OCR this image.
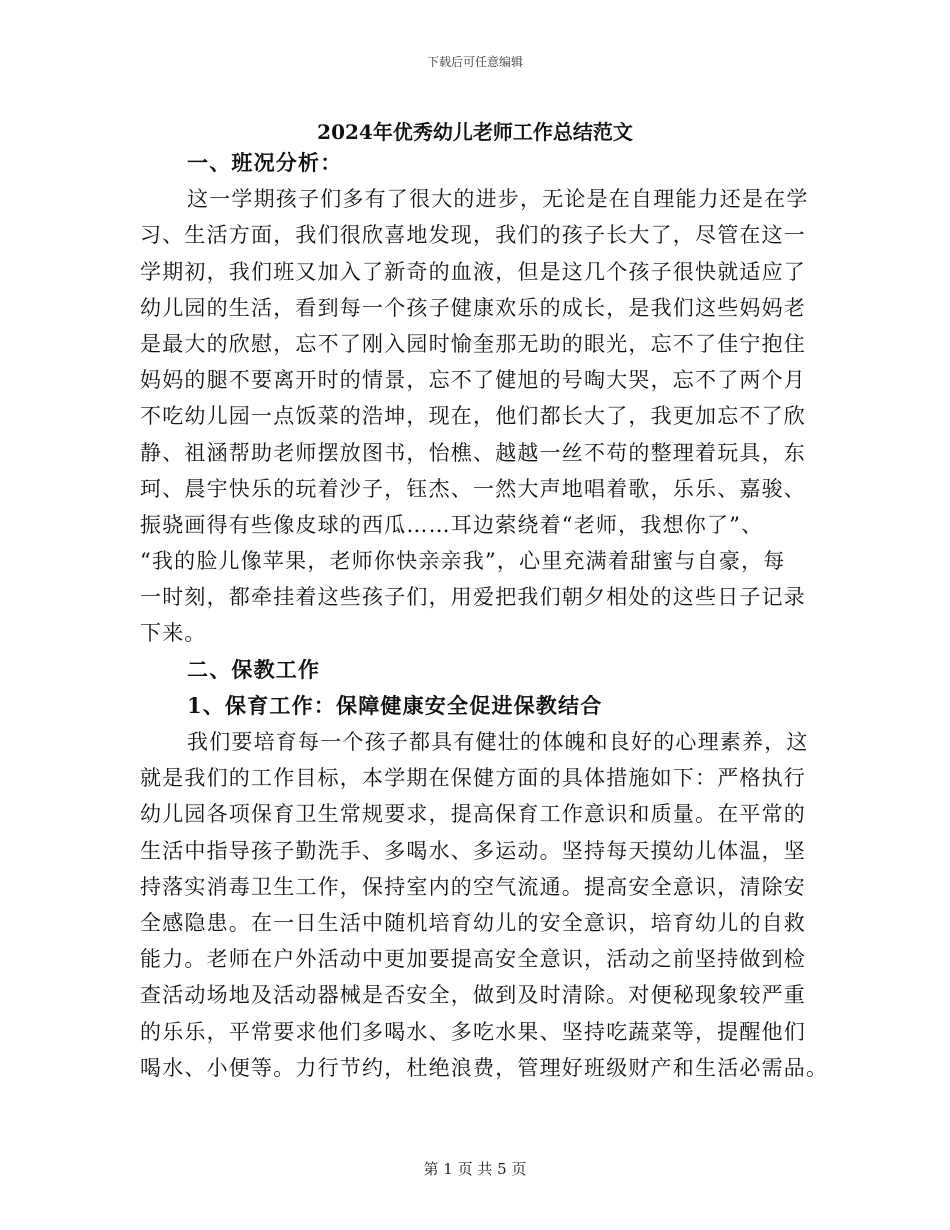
下载后可任意编辑
2024年优秀幼儿老师工作总结范文
一、班况分析：
这一学期孩子们多有了很大的进步，无论是在自理能力还是在学
习、生活方面，我们很欣喜地发现，我们的孩子长大了，尽管在这一
学期初，我们班又加入了新奇的血液，但是这几个孩子很快就适应了
幼儿园的生活，看到每一个孩子健康欢乐的成长，是我们这些妈妈老
是最大的欣慰，忘不了刚入园时愉奎那无助的眼光，忘不了佳宁抱住
妈妈的腿不要离开时的情景，忘不了健旭的号啕大哭，忘不了两个月
不吃幼儿园一点饭菜的浩坤，现在，他们都长大了，我更加忘不了欣
静、祖涵帮助老师摆放图书，怡樵、越越一丝不苟的整理着玩具，东
珂、晨宇快乐的玩着沙子，钰杰、一然大声地唱着歌，乐乐、嘉骏、
振骁画得有些像皮球的西瓜……耳边萦绕着“老师，我想你了”、
“我的脸儿像苹果，老师你快亲亲我”，心里充满着甜蜜与自豪，每
一时刻，都牵挂着这些孩子们，用爱把我们朝夕相处的这些日子记录
下来。
二、保教工作
1、保育工作：保障健康安全促进保教结合
我们要培育每一个孩子都具有健壮的体魄和良好的心理素养，这
就是我们的工作目标，本学期在保健方面的具体措施如下：严格执行
幼儿园各项保育卫生常规要求，提高保育工作意识和质量。在平常的
生活中指导孩子勤洗手、多喝水、多运动。坚持每天摸幼儿体温，坚
持落实消毒卫生工作，保持室内的空气流通。提高安全意识，清除安
全感隐患。在一日生活中随机培育幼儿的安全意识，培育幼儿的自救
能力。老师在户外活动中更加要提高安全意识，活动之前坚持做到检
查活动场地及活动器械是否安全，做到及时清除。对便秘现象较严重
的乐乐，平常要求他们多喝水、多吃水果、坚持吃蔬菜等，提醒他们
喝水、小便等。力行节约，杜绝浪费，管理好班级财产和生活必需品。
第 1 页 共 5 页
